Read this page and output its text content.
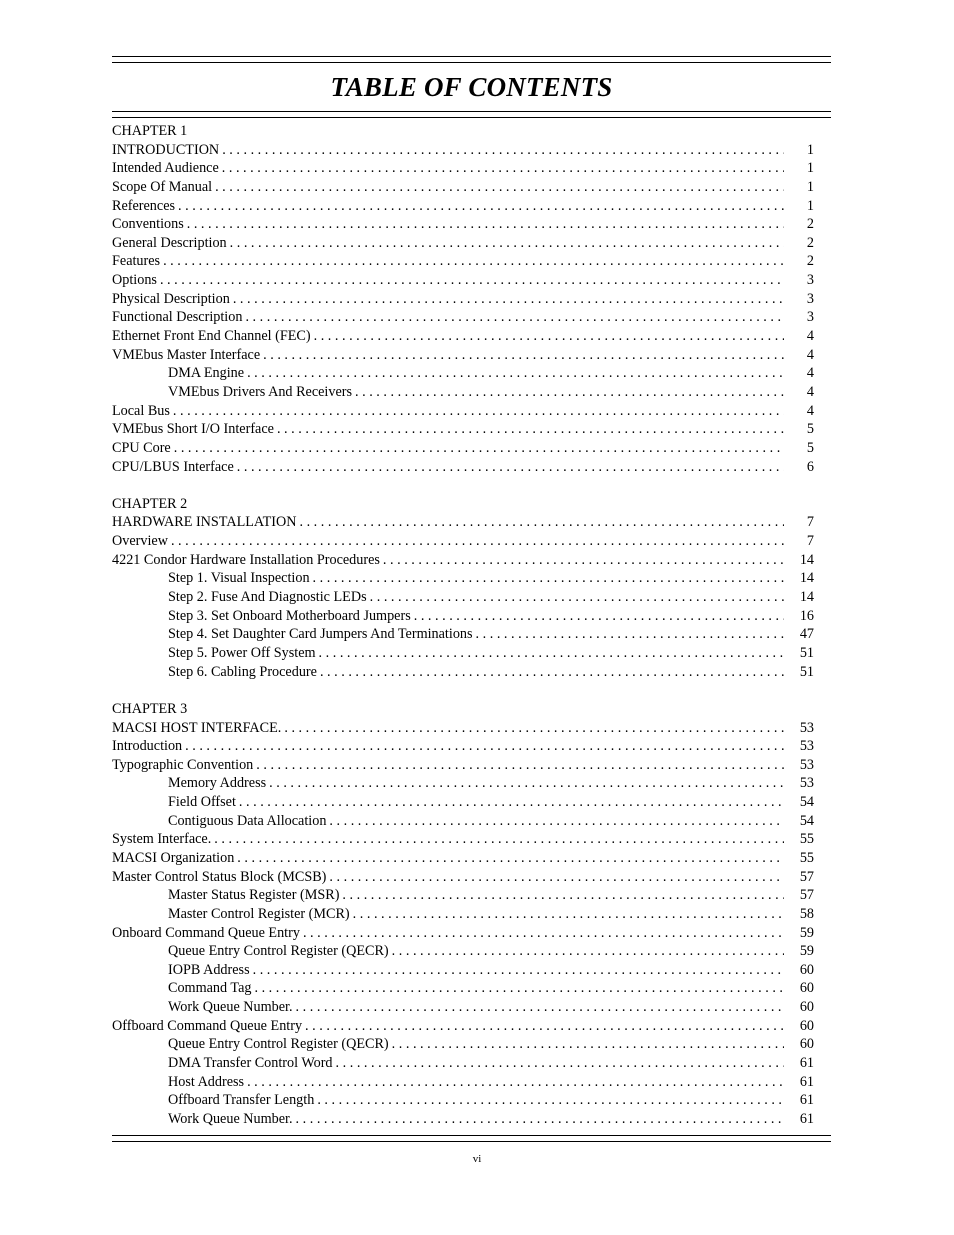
TABLE OF CONTENTS
CHAPTER 1
INTRODUCTION . . .	1
Intended Audience . . .	1
Scope Of Manual . . .	1
References . . .	1
Conventions . . .	2
General Description . . .	2
Features . . .	2
Options . . .	3
Physical Description . . .	3
Functional Description . . .	3
Ethernet Front End Channel (FEC) . . .	4
VMEbus Master Interface . . .	4
DMA Engine . . .	4
VMEbus Drivers And Receivers . . .	4
Local Bus . . .	4
VMEbus Short I/O Interface . . .	5
CPU Core . . .	5
CPU/LBUS Interface . . .	6
CHAPTER 2
HARDWARE INSTALLATION . . .	7
Overview . . .	7
4221 Condor Hardware Installation Procedures . . .	14
Step 1. Visual Inspection . . .	14
Step 2. Fuse And Diagnostic LEDs . . .	14
Step 3. Set Onboard Motherboard Jumpers . . .	16
Step 4. Set Daughter Card Jumpers And Terminations . . .	47
Step 5. Power Off System . . .	51
Step 6. Cabling Procedure . . .	51
CHAPTER 3
MACSI HOST INTERFACE. . . .	53
Introduction . . .	53
Typographic Convention . . .	53
Memory Address . . .	53
Field Offset . . .	54
Contiguous Data Allocation . . .	54
System Interface. . . .	55
MACSI Organization . . .	55
Master Control Status Block (MCSB) . . .	57
Master Status Register (MSR) . . .	57
Master Control Register (MCR) . . .	58
Onboard Command Queue Entry . . .	59
Queue Entry Control Register (QECR) . . .	59
IOPB Address . . .	60
Command Tag . . .	60
Work Queue Number. . . .	60
Offboard Command Queue Entry . . .	60
Queue Entry Control Register (QECR) . . .	60
DMA Transfer Control Word . . .	61
Host Address . . .	61
Offboard Transfer Length . . .	61
Work Queue Number. . . .	61
vi
